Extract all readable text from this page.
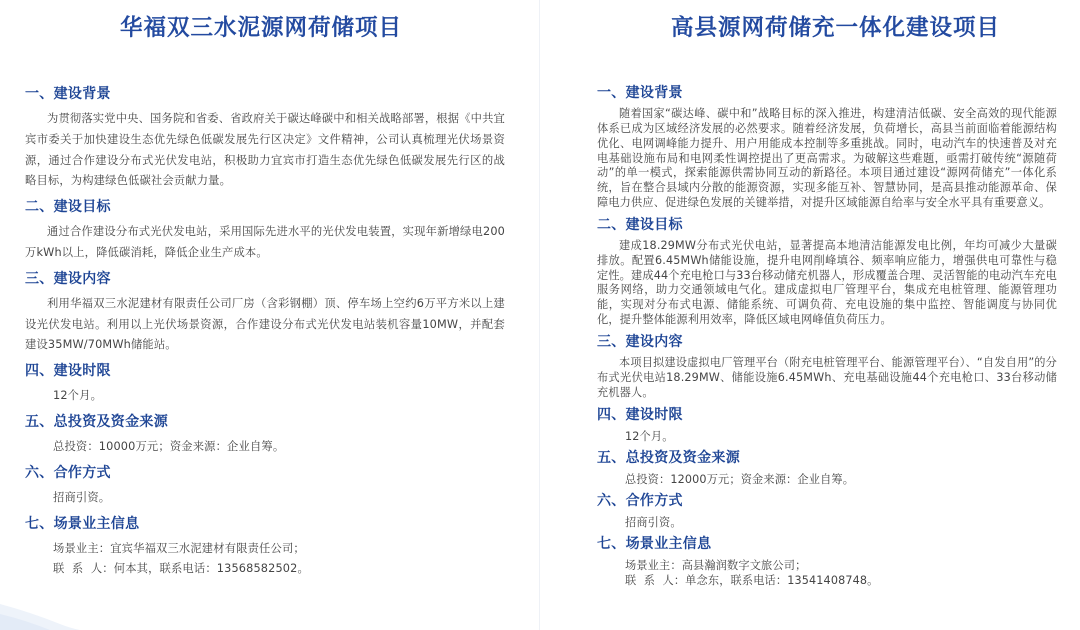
华福双三水泥源网荷储项目
一、建设背景
为贯彻落实党中央、国务院和省委、省政府关于碳达峰碳中和相关战略部署，根据《中共宜宾市委关于加快建设生态优先绿色低碳发展先行区决定》文件精神，公司认真梳理光伏场景资源，通过合作建设分布式光伏发电站，积极助力宜宾市打造生态优先绿色低碳发展先行区的战略目标，为构建绿色低碳社会贡献力量。
二、建设目标
通过合作建设分布式光伏发电站，采用国际先进水平的光伏发电装置，实现年新增绿电200万kWh以上，降低碳消耗，降低企业生产成本。
三、建设内容
利用华福双三水泥建材有限责任公司厂房（含彩钢棚）顶、停车场上空约6万平方米以上建设光伏发电站。利用以上光伏场景资源，合作建设分布式光伏发电站装机容量10MW，并配套建设35MW/70MWh储能站。
四、建设时限
12个月。
五、总投资及资金来源
总投资：10000万元；资金来源：企业自筹。
六、合作方式
招商引资。
七、场景业主信息
场景业主：宜宾华福双三水泥建材有限责任公司；
联  系  人：何本其，联系电话：13568582502。
高县源网荷储充一体化建设项目
一、建设背景
随着国家“碳达峰、碳中和”战略目标的深入推进，构建清洁低碳、安全高效的现代能源体系已成为区域经济发展的必然要求。随着经济发展，负荷增长，高县当前面临着能源结构优化、电网调峰能力提升、用户用能成本控制等多重挑战。同时，电动汽车的快速普及对充电基础设施布局和电网柔性调控提出了更高需求。为破解这些难题，亟需打破传统“源随荷动”的单一模式，探索能源供需协同互动的新路径。本项目通过建设“源网荷储充”一体化系统，旨在整合县域内分散的能源资源，实现多能互补、智慧协同，是高县推动能源革命、保障电力供应、促进绿色发展的关键举措，对提升区域能源自给率与安全水平具有重要意义。
二、建设目标
建成18.29MW分布式光伏电站，显著提高本地清洁能源发电比例，年均可减少大量碳排放。配置6.45MWh储能设施，提升电网削峰填谷、频率响应能力，增强供电可靠性与稳定性。建成44个充电枪口与33台移动储充机器人，形成覆盖合理、灵活智能的电动汽车充电服务网络，助力交通领域电气化。建成虚拟电厂管理平台，集成充电桩管理、能源管理功能，实现对分布式电源、储能系统、可调负荷、充电设施的集中监控、智能调度与协同优化，提升整体能源利用效率，降低区域电网峰值负荷压力。
三、建设内容
本项目拟建设虚拟电厂管理平台（附充电桩管理平台、能源管理平台）、“自发自用”的分布式光伏电站18.29MW、储能设施6.45MWh、充电基础设施44个充电枪口、33台移动储充机器人。
四、建设时限
12个月。
五、总投资及资金来源
总投资：12000万元；资金来源：企业自筹。
六、合作方式
招商引资。
七、场景业主信息
场景业主：高县瀚润数字文旅公司；
联  系  人：单念东，联系电话：13541408748。
